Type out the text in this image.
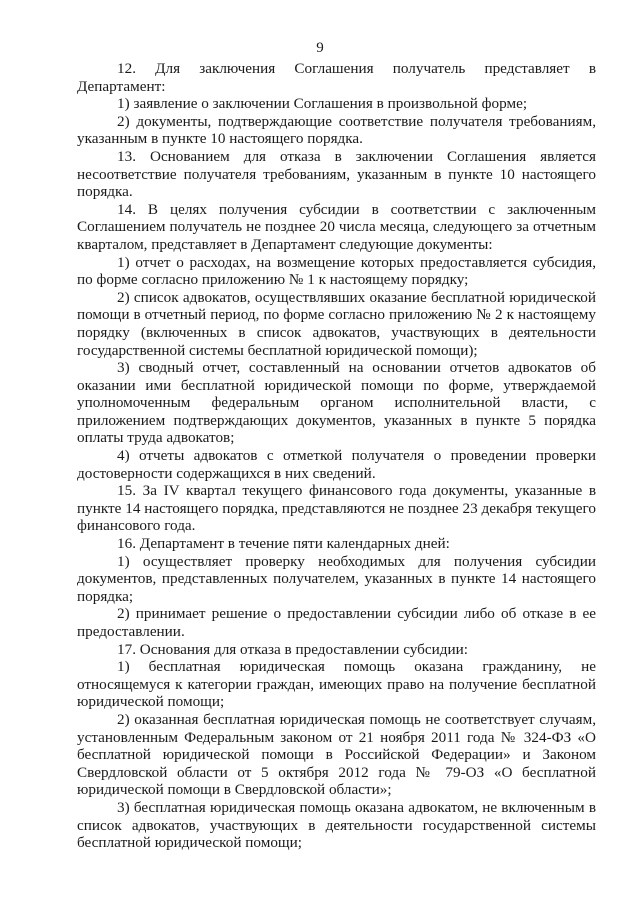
9

12. Для заключения Соглашения получатель представляет в Департамент:

1) заявление о заключении Соглашения в произвольной форме;

2) документы, подтверждающие соответствие получателя требованиям, указанным в пункте 10 настоящего порядка.

13. Основанием для отказа в заключении Соглашения является несоответствие получателя требованиям, указанным в пункте 10 настоящего порядка.

14. В целях получения субсидии в соответствии с заключенным Соглашением получатель не позднее 20 числа месяца, следующего за отчетным кварталом, представляет в Департамент следующие документы:

1) отчет о расходах, на возмещение которых предоставляется субсидия, по форме согласно приложению № 1 к настоящему порядку;

2) список адвокатов, осуществлявших оказание бесплатной юридической помощи в отчетный период, по форме согласно приложению № 2 к настоящему порядку (включенных в список адвокатов, участвующих в деятельности государственной системы бесплатной юридической помощи);

3) сводный отчет, составленный на основании отчетов адвокатов об оказании ими бесплатной юридической помощи по форме, утверждаемой уполномоченным федеральным органом исполнительной власти, с приложением подтверждающих документов, указанных в пункте 5 порядка оплаты труда адвокатов;

4) отчеты адвокатов с отметкой получателя о проведении проверки достоверности содержащихся в них сведений.

15. За IV квартал текущего финансового года документы, указанные в пункте 14 настоящего порядка, представляются не позднее 23 декабря текущего финансового года.

16. Департамент в течение пяти календарных дней:

1) осуществляет проверку необходимых для получения субсидии документов, представленных получателем, указанных в пункте 14 настоящего порядка;

2) принимает решение о предоставлении субсидии либо об отказе в ее предоставлении.

17. Основания для отказа в предоставлении субсидии:

1) бесплатная юридическая помощь оказана гражданину, не относящемуся к категории граждан, имеющих право на получение бесплатной юридической помощи;

2) оказанная бесплатная юридическая помощь не соответствует случаям, установленным Федеральным законом от 21 ноября 2011 года № 324-ФЗ «О бесплатной юридической помощи в Российской Федерации» и Законом Свердловской области от 5 октября 2012 года № 79-ОЗ «О бесплатной юридической помощи в Свердловской области»;

3) бесплатная юридическая помощь оказана адвокатом, не включенным в список адвокатов, участвующих в деятельности государственной системы бесплатной юридической помощи;
